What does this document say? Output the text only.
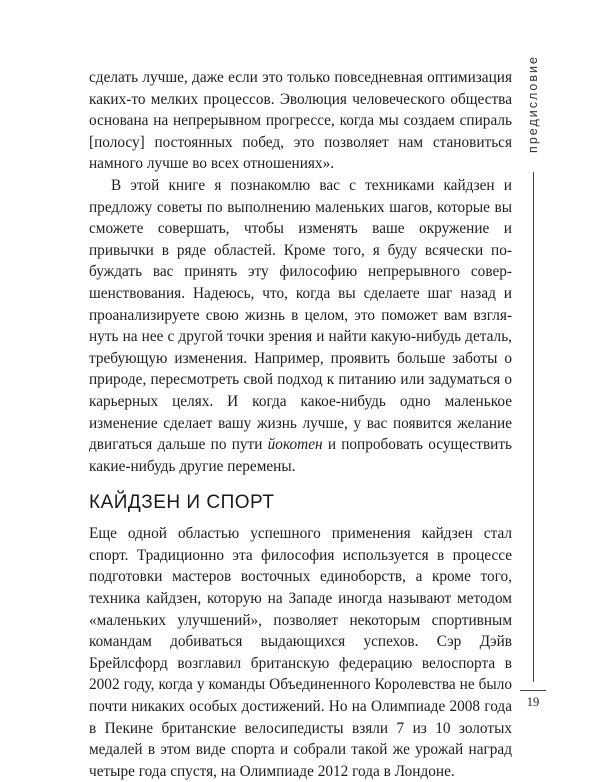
предисловие

сделать лучше, даже если это только повседневная оптимизация каких-то мелких процессов. Эволюция человеческого общества основана на непрерывном прогрессе, когда мы создаем спираль [полосу] постоянных побед, это позволяет нам становиться намного лучше во всех отношениях».

В этой книге я познакомлю вас с техниками кайдзен и предложу советы по выполнению маленьких шагов, которые вы сможете совершать, чтобы изменять ваше окружение и привычки в ряде областей. Кроме того, я буду всячески побуждать вас принять эту философию непрерывного совершенствования. Надеюсь, что, когда вы сделаете шаг назад и проанализируете свою жизнь в целом, это поможет вам взглянуть на нее с другой точки зрения и найти какую-нибудь деталь, требующую изменения. Например, проявить больше заботы о природе, пересмотреть свой подход к питанию или задуматься о карьерных целях. И когда какое-нибудь одно маленькое изменение сделает вашу жизнь лучше, у вас появится желание двигаться дальше по пути йокотен и попробовать осуществить какие-нибудь другие перемены.

КАЙДЗЕН И СПОРТ

Еще одной областью успешного применения кайдзен стал спорт. Традиционно эта философия используется в процессе подготовки мастеров восточных единоборств, а кроме того, техника кайдзен, которую на Западе иногда называют методом «маленьких улучшений», позволяет некоторым спортивным командам добиваться выдающихся успехов. Сэр Дэйв Брейлсфорд возглавил британскую федерацию велоспорта в 2002 году, когда у команды Объединенного Королевства не было почти никаких особых достижений. Но на Олимпиаде 2008 года в Пекине британские велосипедисты взяли 7 из 10 золотых медалей в этом виде спорта и собрали такой же урожай наград четыре года спустя, на Олимпиаде 2012 года в Лондоне.

19
